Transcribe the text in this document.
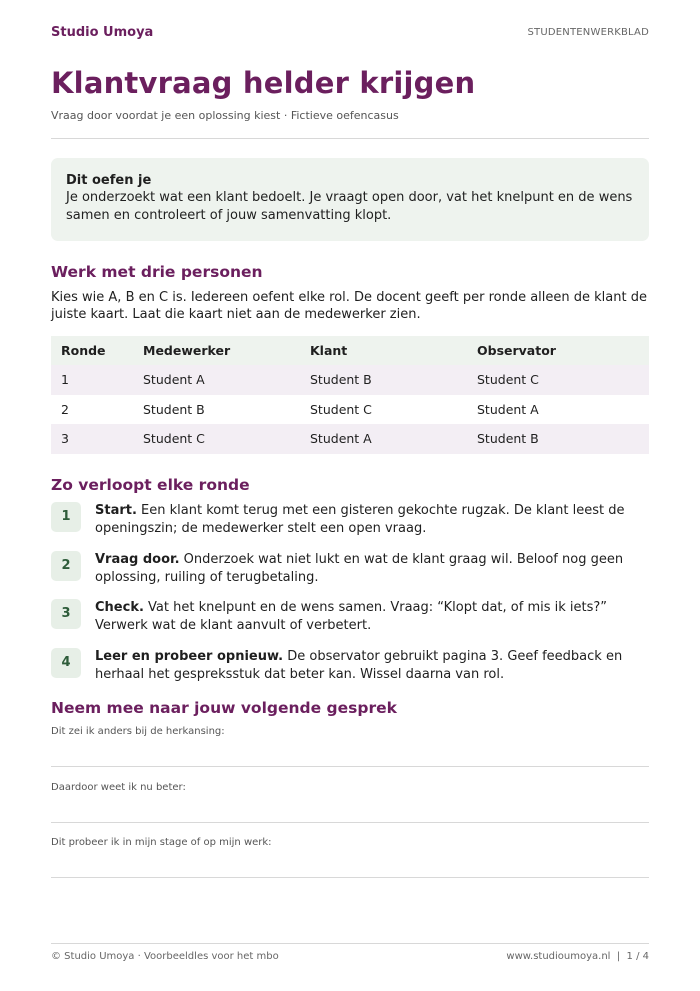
Studio Umoya	STUDENTENWERKBLAD
Klantvraag helder krijgen
Vraag door voordat je een oplossing kiest · Fictieve oefencasus
Dit oefen je
Je onderzoekt wat een klant bedoelt. Je vraagt open door, vat het knelpunt en de wens samen en controleert of jouw samenvatting klopt.
Werk met drie personen
Kies wie A, B en C is. Iedereen oefent elke rol. De docent geeft per ronde alleen de klant de juiste kaart. Laat die kaart niet aan de medewerker zien.
Ronde	Medewerker	Klant	Observator
1	Student A	Student B	Student C
2	Student B	Student C	Student A
3	Student C	Student A	Student B
Zo verloopt elke ronde
1	Start. Een klant komt terug met een gisteren gekochte rugzak. De klant leest de openingszin; de medewerker stelt een open vraag.
2	Vraag door. Onderzoek wat niet lukt en wat de klant graag wil. Beloof nog geen oplossing, ruiling of terugbetaling.
3	Check. Vat het knelpunt en de wens samen. Vraag: “Klopt dat, of mis ik iets?” Verwerk wat de klant aanvult of verbetert.
4	Leer en probeer opnieuw. De observator gebruikt pagina 3. Geef feedback en herhaal het gespreksstuk dat beter kan. Wissel daarna van rol.
Neem mee naar jouw volgende gesprek
Dit zei ik anders bij de herkansing:
Daardoor weet ik nu beter:
Dit probeer ik in mijn stage of op mijn werk:
© Studio Umoya · Voorbeeldles voor het mbo	www.studioumoya.nl  |  1 / 4
